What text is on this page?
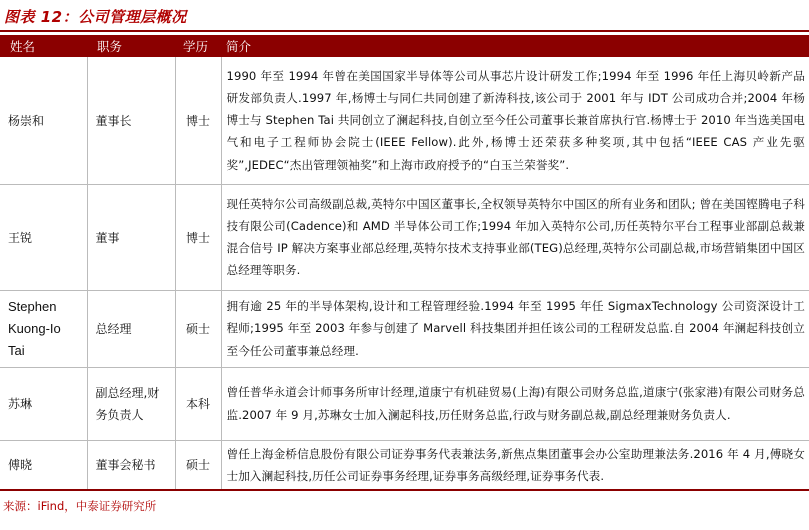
图表 12：公司管理层概况
姓名	职务	学历	简介
杨崇和	董事长	博士	1990 年至 1994 年曾在美国国家半导体等公司从事芯片设计研发工作;1994 年至 1996 年任上海贝岭新产品研发部负责人.1997 年,杨博士与同仁共同创建了新涛科技,该公司于 2001 年与 IDT 公司成功合并;2004 年杨博士与 Stephen Tai 共同创立了澜起科技,自创立至今任公司董事长兼首席执行官.杨博士于 2010 年当选美国电气和电子工程师协会院士(IEEE Fellow).此外,杨博士还荣获多种奖项,其中包括“IEEE CAS 产业先驱奖”,JEDEC“杰出管理领袖奖”和上海市政府授予的“白玉兰荣誉奖”.
王锐	董事	博士	现任英特尔公司高级副总裁,英特尔中国区董事长,全权领导英特尔中国区的所有业务和团队; 曾在美国铿腾电子科技有限公司(Cadence)和 AMD 半导体公司工作;1994 年加入英特尔公司,历任英特尔平台工程事业部副总裁兼混合信号 IP 解决方案事业部总经理,英特尔技术支持事业部(TEG)总经理,英特尔公司副总裁,市场营销集团中国区总经理等职务.
Stephen Kuong-Io Tai	总经理	硕士	拥有逾 25 年的半导体架构,设计和工程管理经验.1994 年至 1995 年任 SigmaxTechnology 公司资深设计工程师;1995 年至 2003 年参与创建了 Marvell 科技集团并担任该公司的工程研发总监.自 2004 年澜起科技创立至今任公司董事兼总经理.
苏琳	副总经理,财务负责人	本科	曾任普华永道会计师事务所审计经理,道康宁有机硅贸易(上海)有限公司财务总监,道康宁(张家港)有限公司财务总监.2007 年 9 月,苏琳女士加入澜起科技,历任财务总监,行政与财务副总裁,副总经理兼财务负责人.
傅晓	董事会秘书	硕士	曾任上海金桥信息股份有限公司证券事务代表兼法务,新焦点集团董事会办公室助理兼法务.2016 年 4 月,傅晓女士加入澜起科技,历任公司证券事务经理,证券事务高级经理,证券事务代表.
来源：iFind，中泰证券研究所
